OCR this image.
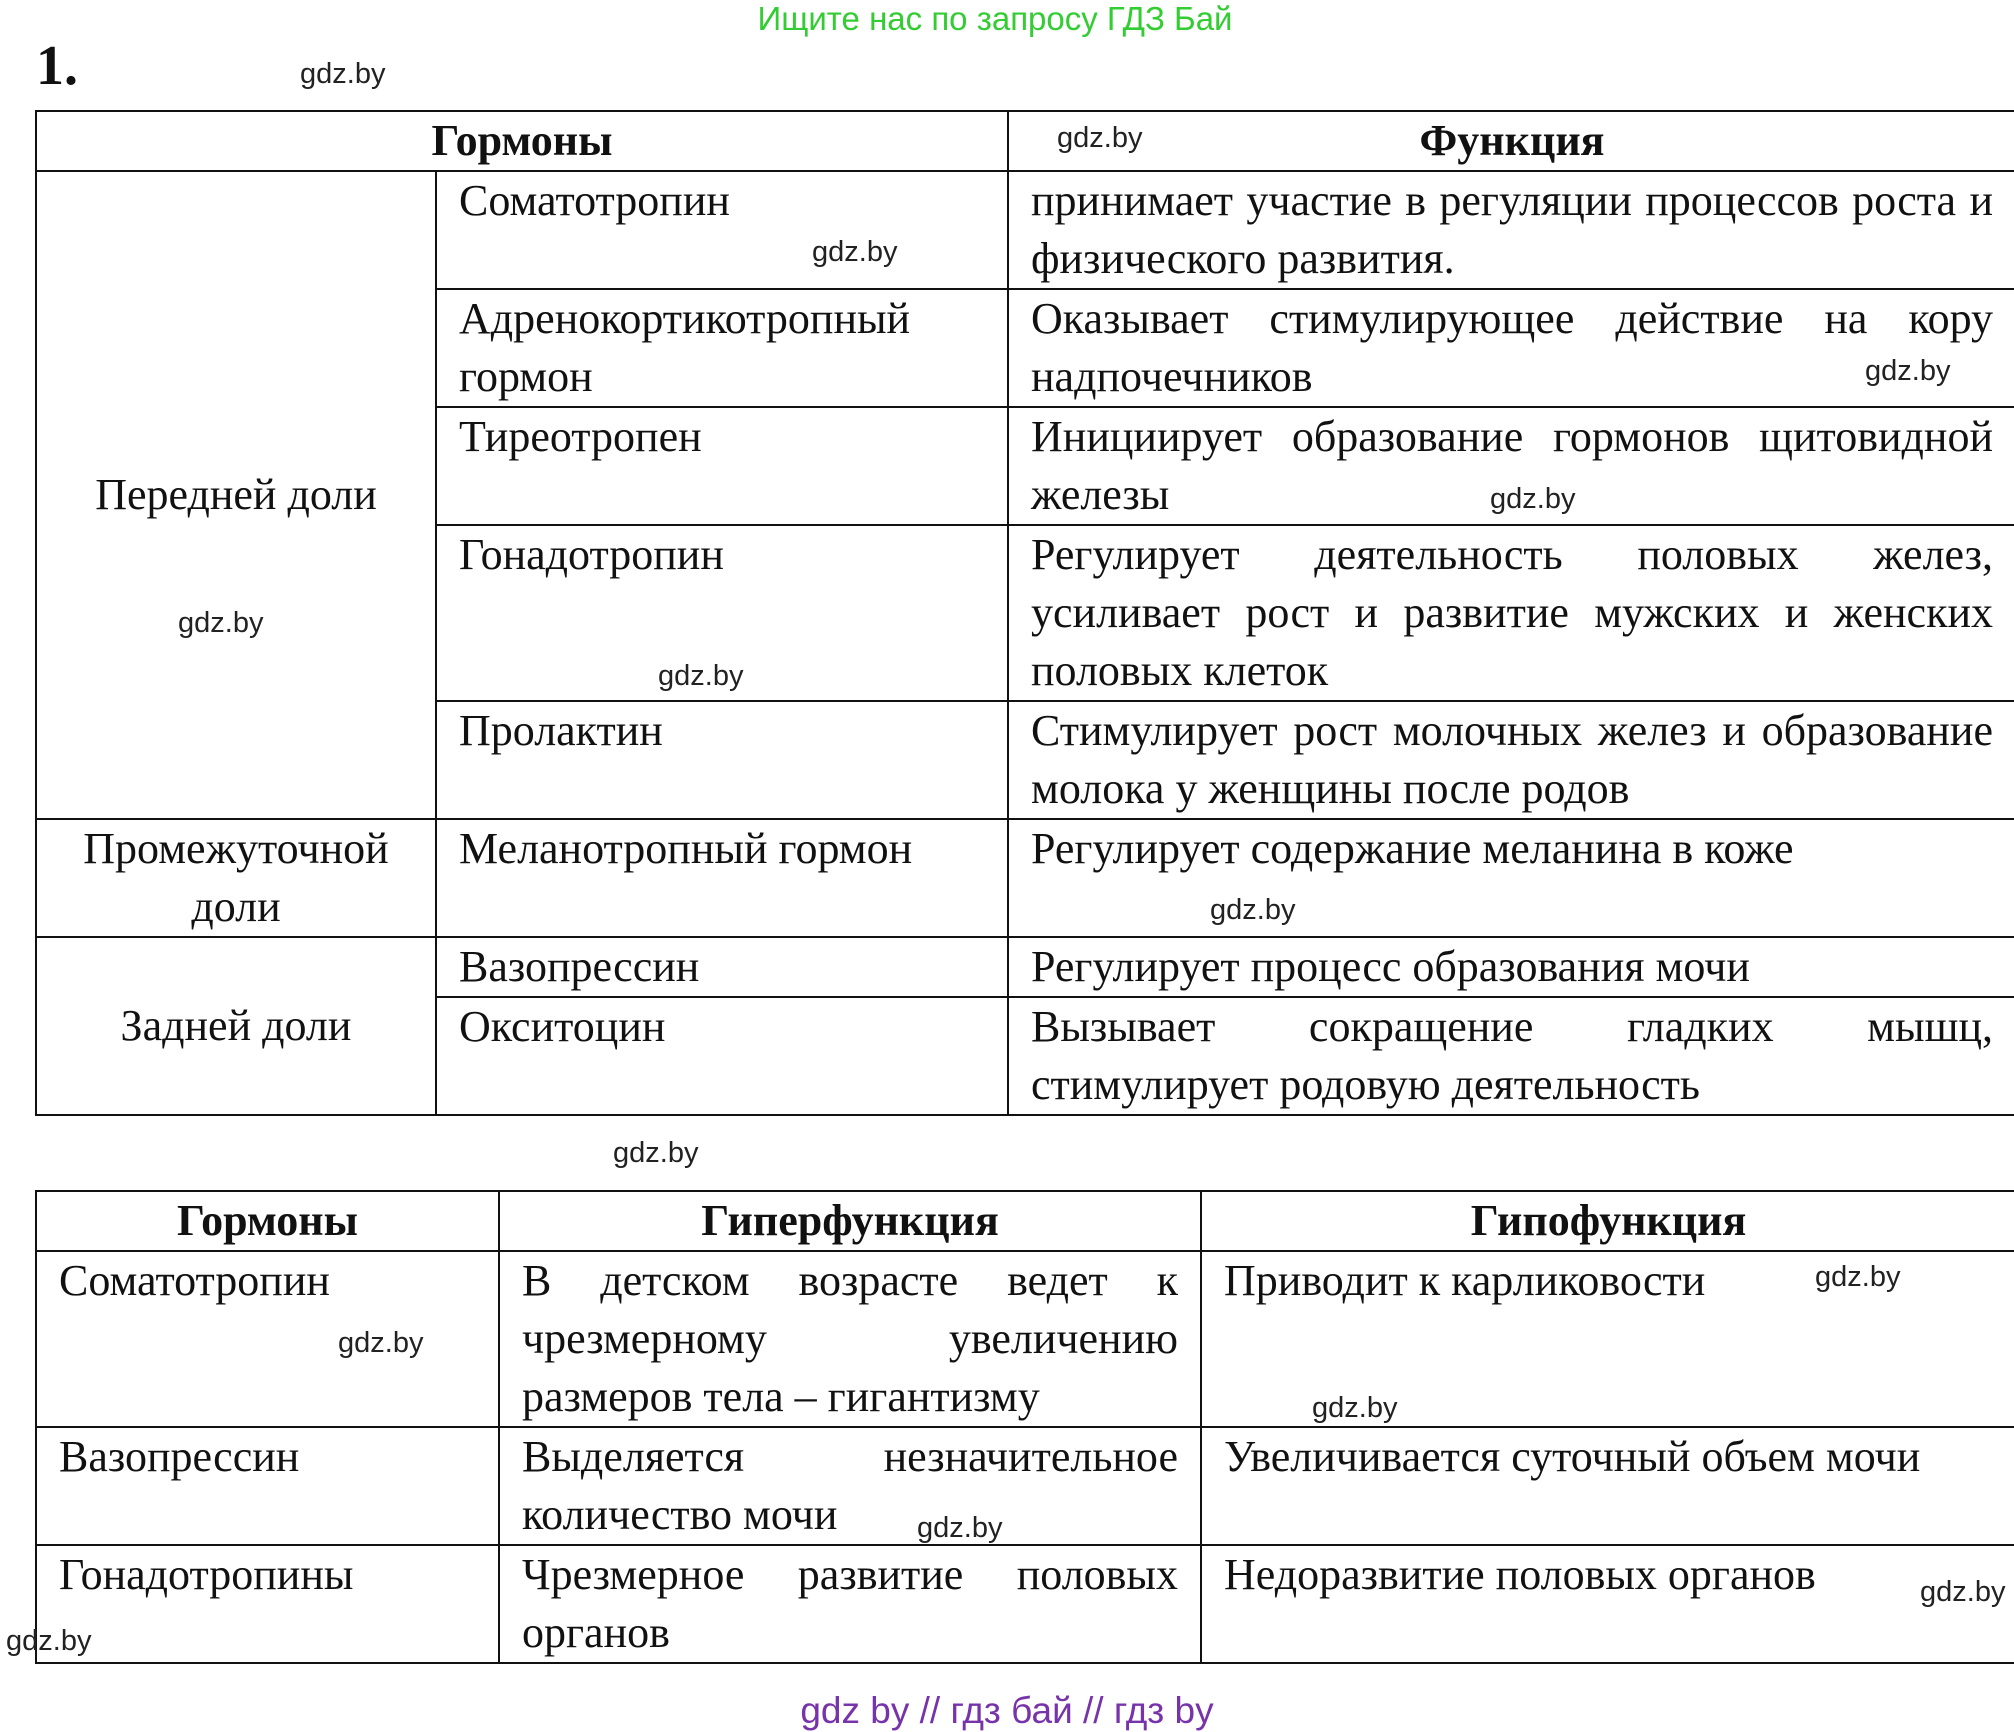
Ищите нас по запросу ГДЗ Бай
1.
Гормоны		Функция
Передней доли	Соматотропин	принимает участие в регуляции процессов роста и физического развития.
	Адренокортикотропный гормон	Оказывает стимулирующее действие на кору надпочечников
	Тиреотропен	Инициирует образование гормонов щитовидной железы
	Гонадотропин	Регулирует деятельность половых желез, усиливает рост и развитие мужских и женских половых клеток
	Пролактин	Стимулирует рост молочных желез и образование молока у женщины после родов
Промежуточной доли	Меланотропный гормон	Регулирует содержание меланина в коже
Задней доли	Вазопрессин	Регулирует процесс образования мочи
	Окситоцин	Вызывает сокращение гладких мышц, стимулирует родовую деятельность
Гормоны	Гиперфункция	Гипофункция
Соматотропин	В детском возрасте ведет к чрезмерному увеличению размеров тела – гигантизму	Приводит к карликовости
Вазопрессин	Выделяется незначительное количество мочи	Увеличивается суточный объем мочи
Гонадотропины	Чрезмерное развитие половых органов	Недоразвитие половых органов
gdz.by
gdz.by
gdz.by
gdz.by
gdz.by
gdz.by
gdz.by
gdz.by
gdz.by
gdz.by
gdz.by
gdz.by
gdz.by
gdz.by
gdz.by
gdz by // гдз бай // гдз by
